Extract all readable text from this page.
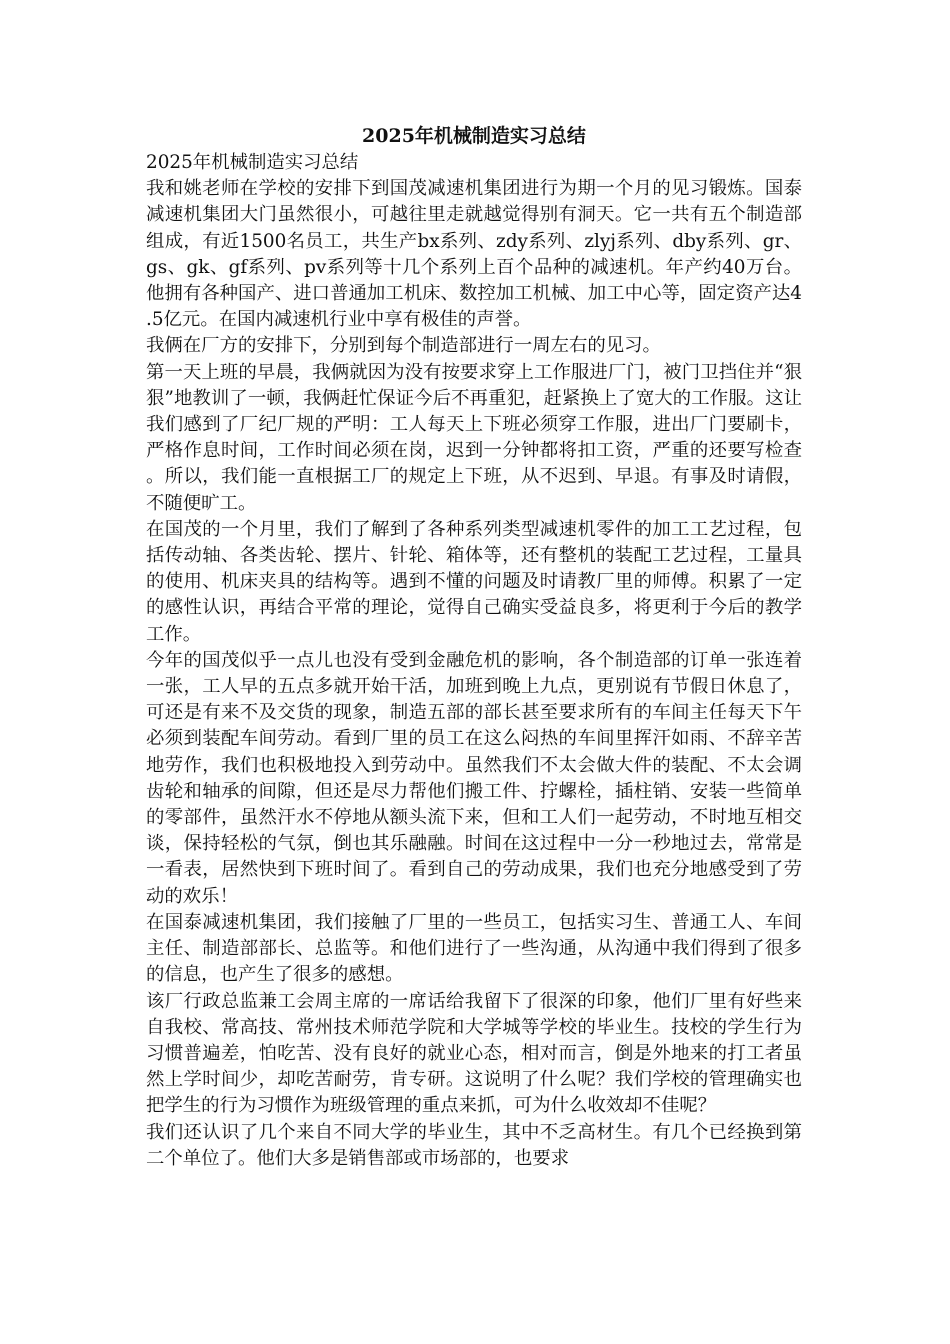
2025年机械制造实习总结

2025年机械制造实习总结

我和姚老师在学校的安排下到国茂减速机集团进行为期一个月的见习锻炼。国泰减速机集团大门虽然很小，可越往里走就越觉得别有洞天。它一共有五个制造部组成，有近1500名员工，共生产bx系列、zdy系列、zlyj系列、dby系列、gr、gs、gk、gf系列、pv系列等十几个系列上百个品种的减速机。年产约40万台。他拥有各种国产、进口普通加工机床、数控加工机械、加工中心等，固定资产达4.5亿元。在国内减速机行业中享有极佳的声誉。

我俩在厂方的安排下，分别到每个制造部进行一周左右的见习。

第一天上班的早晨，我俩就因为没有按要求穿上工作服进厂门，被门卫挡住并“狠狠”地教训了一顿，我俩赶忙保证今后不再重犯，赶紧换上了宽大的工作服。这让我们感到了厂纪厂规的严明：工人每天上下班必须穿工作服，进出厂门要刷卡，严格作息时间，工作时间必须在岗，迟到一分钟都将扣工资，严重的还要写检查。所以，我们能一直根据工厂的规定上下班，从不迟到、早退。有事及时请假，不随便旷工。

在国茂的一个月里，我们了解到了各种系列类型减速机零件的加工工艺过程，包括传动轴、各类齿轮、摆片、针轮、箱体等，还有整机的装配工艺过程，工量具的使用、机床夹具的结构等。遇到不懂的问题及时请教厂里的师傅。积累了一定的感性认识，再结合平常的理论，觉得自己确实受益良多，将更利于今后的教学工作。

今年的国茂似乎一点儿也没有受到金融危机的影响，各个制造部的订单一张连着一张，工人早的五点多就开始干活，加班到晚上九点，更别说有节假日休息了，可还是有来不及交货的现象，制造五部的部长甚至要求所有的车间主任每天下午必须到装配车间劳动。看到厂里的员工在这么闷热的车间里挥汗如雨、不辞辛苦地劳作，我们也积极地投入到劳动中。虽然我们不太会做大件的装配、不太会调齿轮和轴承的间隙，但还是尽力帮他们搬工件、拧螺栓，插柱销、安装一些简单的零部件，虽然汗水不停地从额头流下来，但和工人们一起劳动，不时地互相交谈，保持轻松的气氛，倒也其乐融融。时间在这过程中一分一秒地过去，常常是一看表，居然快到下班时间了。看到自己的劳动成果，我们也充分地感受到了劳动的欢乐！

在国泰减速机集团，我们接触了厂里的一些员工，包括实习生、普通工人、车间主任、制造部部长、总监等。和他们进行了一些沟通，从沟通中我们得到了很多的信息，也产生了很多的感想。

该厂行政总监兼工会周主席的一席话给我留下了很深的印象，他们厂里有好些来自我校、常高技、常州技术师范学院和大学城等学校的毕业生。技校的学生行为习惯普遍差，怕吃苦、没有良好的就业心态，相对而言，倒是外地来的打工者虽然上学时间少，却吃苦耐劳，肯专研。这说明了什么呢？我们学校的管理确实也把学生的行为习惯作为班级管理的重点来抓，可为什么收效却不佳呢？

我们还认识了几个来自不同大学的毕业生，其中不乏高材生。有几个已经换到第二个单位了。他们大多是销售部或市场部的，也要求
